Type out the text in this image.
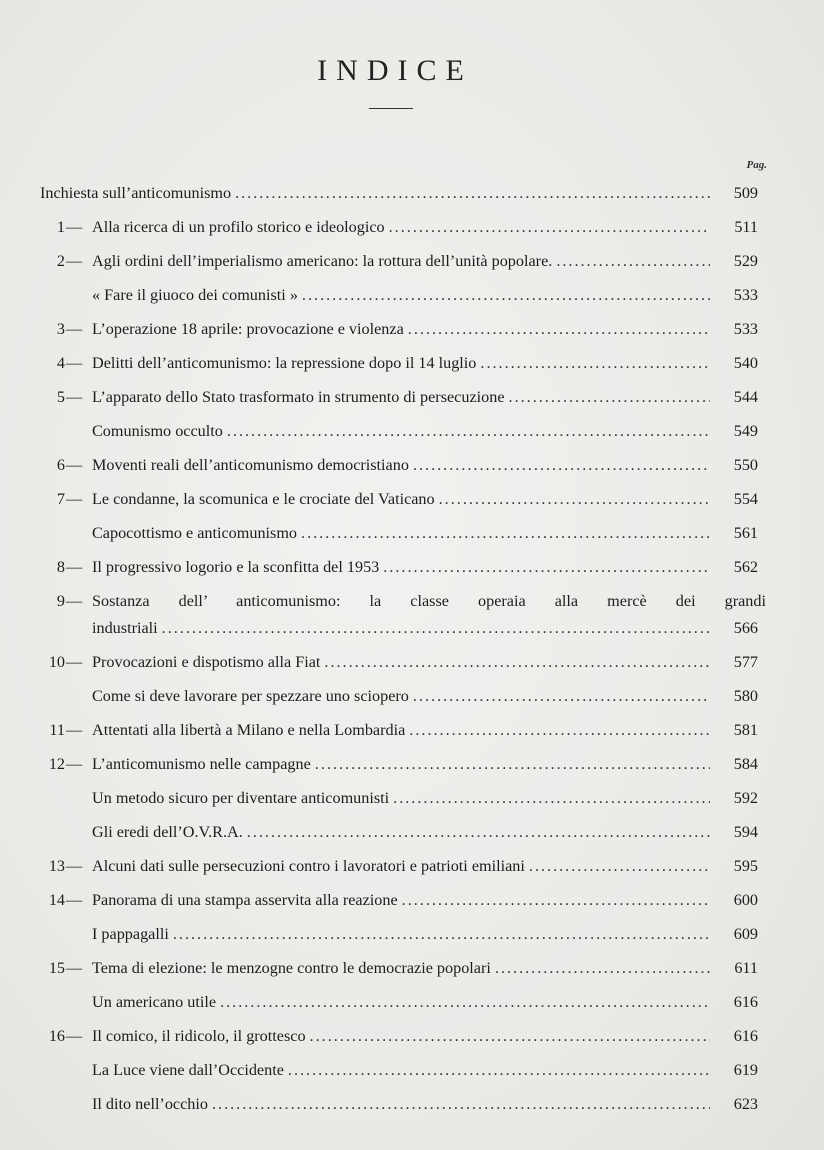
INDICE
Pag.
Inchiesta sull’anticomunismo .....	509
1 — Alla ricerca di un profilo storico e ideologico .....	511
2 — Agli ordini dell’imperialismo americano: la rottura dell’unità popolare. .....	529
« Fare il giuoco dei comunisti » .....	533
3 — L’operazione 18 aprile: provocazione e violenza .....	533
4 — Delitti dell’anticomunismo: la repressione dopo il 14 luglio .....	540
5 — L’apparato dello Stato trasformato in strumento di persecuzione .....	544
Comunismo occulto .....	549
6 — Moventi reali dell’anticomunismo democristiano .....	550
7 — Le condanne, la scomunica e le crociate del Vaticano .....	554
Capocottismo e anticomunismo .....	561
8 — Il progressivo logorio e la sconfitta del 1953 .....	562
9 — Sostanza dell’ anticomunismo: la classe operaia alla mercè dei grandi
industriali .....	566
10 — Provocazioni e dispotismo alla Fiat .....	577
Come si deve lavorare per spezzare uno sciopero .....	580
11 — Attentati alla libertà a Milano e nella Lombardia .....	581
12 — L’anticomunismo nelle campagne .....	584
Un metodo sicuro per diventare anticomunisti .....	592
Gli eredi dell’O.V.R.A. .....	594
13 — Alcuni dati sulle persecuzioni contro i lavoratori e patrioti emiliani .....	595
14 — Panorama di una stampa asservita alla reazione .....	600
I pappagalli .....	609
15 — Tema di elezione: le menzogne contro le democrazie popolari .....	611
Un americano utile .....	616
16 — Il comico, il ridicolo, il grottesco .....	616
La Luce viene dall’Occidente .....	619
Il dito nell’occhio .....	623
